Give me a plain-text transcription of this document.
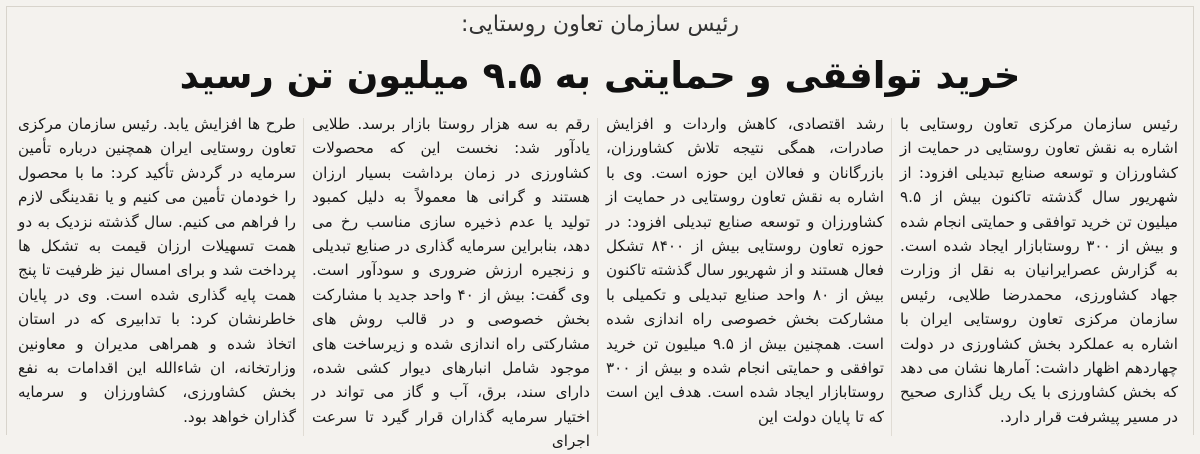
رئیس سازمان تعاون روستایی:
خرید توافقی و حمایتی به ۹.۵ میلیون تن رسید
رئیس سازمان مرکزی تعاون روستایی با اشاره به نقش تعاون روستایی در حمایت از کشاورزان و توسعه صنایع تبدیلی افزود: از شهریور سال گذشته تاکنون بیش از ۹.۵ میلیون تن خرید توافقی و حمایتی انجام شده و بیش از ۳۰۰ روستابازار ایجاد شده است. به گزارش عصرایرانیان به نقل از وزارت جهاد کشاورزی، محمدرضا طلایی، رئیس سازمان مرکزی تعاون روستایی ایران با اشاره به عملکرد بخش کشاورزی در دولت چهاردهم اظهار داشت: آمارها نشان می دهد که بخش کشاورزی با یک ریل گذاری صحیح در مسیر پیشرفت قرار دارد.
رشد اقتصادی، کاهش واردات و افزایش صادرات، همگی نتیجه تلاش کشاورزان، بازرگانان و فعالان این حوزه است. وی با اشاره به نقش تعاون روستایی در حمایت از کشاورزان و توسعه صنایع تبدیلی افزود: در حوزه تعاون روستایی بیش از ۸۴۰۰ تشکل فعال هستند و از شهریور سال گذشته تاکنون بیش از ۸۰ واحد صنایع تبدیلی و تکمیلی با مشارکت بخش خصوصی راه اندازی شده است. همچنین بیش از ۹.۵ میلیون تن خرید توافقی و حمایتی انجام شده و بیش از ۳۰۰ روستابازار ایجاد شده است. هدف این است که تا پایان دولت این
رقم به سه هزار روستا بازار برسد. طلایی یادآور شد: نخست این که محصولات کشاورزی در زمان برداشت بسیار ارزان هستند و گرانی ها معمولاً به دلیل کمبود تولید یا عدم ذخیره سازی مناسب رخ می دهد، بنابراین سرمایه گذاری در صنایع تبدیلی و زنجیره ارزش ضروری و سودآور است. وی گفت: بیش از ۴۰ واحد جدید با مشارکت بخش خصوصی و در قالب روش های مشارکتی راه اندازی شده و زیرساخت های موجود شامل انبارهای دیوار کشی شده، دارای سند، برق، آب و گاز می تواند در اختیار سرمایه گذاران قرار گیرد تا سرعت اجرای
طرح ها افزایش یابد. رئیس سازمان مرکزی تعاون روستایی ایران همچنین درباره تأمین سرمایه در گردش تأکید کرد: ما با محصول را خودمان تأمین می کنیم و یا نقدینگی لازم را فراهم می کنیم. سال گذشته نزدیک به دو همت تسهیلات ارزان قیمت به تشکل ها پرداخت شد و برای امسال نیز ظرفیت تا پنج همت پایه گذاری شده است. وی در پایان خاطرنشان کرد: با تدابیری که در استان اتخاذ شده و همراهی مدیران و معاونین وزارتخانه، ان شاءالله این اقدامات به نفع بخش کشاورزی، کشاورزان و سرمایه گذاران خواهد بود.
